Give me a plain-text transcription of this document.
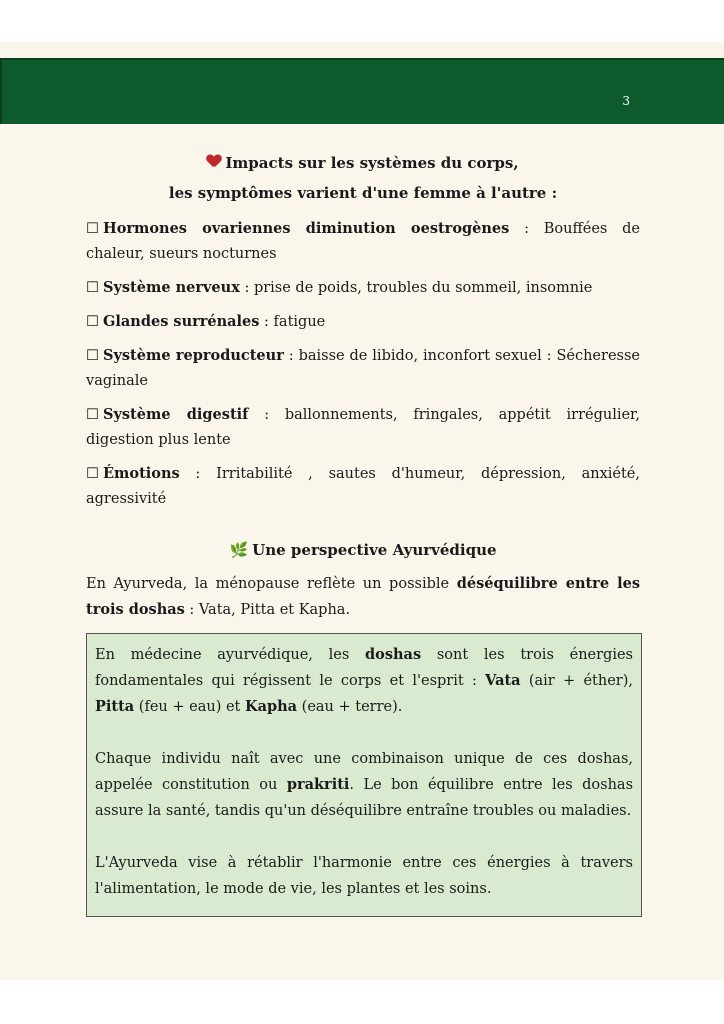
3
Impacts sur les systèmes du corps,
les symptômes varient d'une femme à l'autre :
☐ Hormones ovariennes diminution oestrogènes : Bouffées de chaleur, sueurs nocturnes
☐ Système nerveux : prise de poids, troubles du sommeil, insomnie
☐ Glandes surrénales : fatigue
☐ Système reproducteur : baisse de libido, inconfort sexuel : Sécheresse vaginale
☐ Système digestif : ballonnements, fringales, appétit irrégulier, digestion plus lente
☐ Émotions : Irritabilité , sautes d'humeur, dépression, anxiété, agressivité
🌿 Une perspective Ayurvédique
En Ayurveda, la ménopause reflète un possible déséquilibre entre les trois doshas : Vata, Pitta et Kapha.

En médecine ayurvédique, les doshas sont les trois énergies fondamentales qui régissent le corps et l'esprit : Vata (air + éther), Pitta (feu + eau) et Kapha (eau + terre).

Chaque individu naît avec une combinaison unique de ces doshas, appelée constitution ou prakriti. Le bon équilibre entre les doshas assure la santé, tandis qu'un déséquilibre entraîne troubles ou maladies.

L'Ayurveda vise à rétablir l'harmonie entre ces énergies à travers l'alimentation, le mode de vie, les plantes et les soins.
